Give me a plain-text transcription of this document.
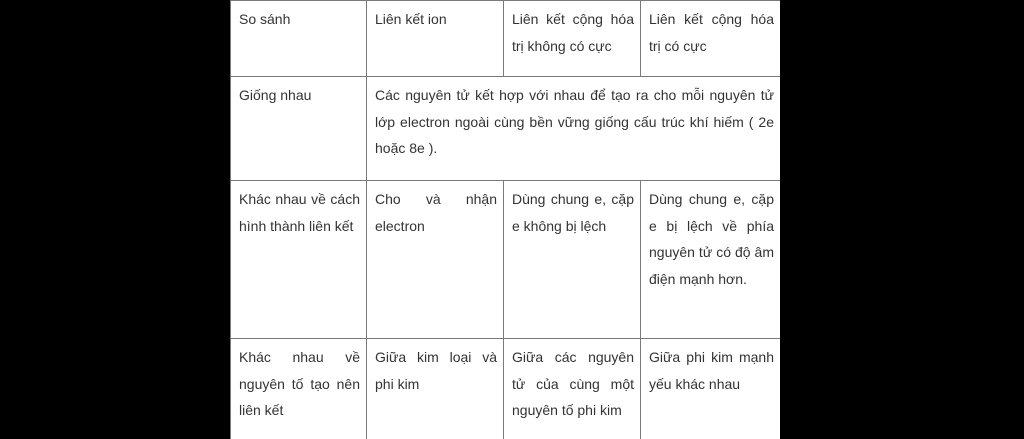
So sánh	Liên kết ion	Liên kết cộng hóa trị không có cực	Liên kết cộng hóa trị có cực
Giống nhau	Các nguyên tử kết hợp với nhau để tạo ra cho mỗi nguyên tử lớp electron ngoài cùng bền vững giống cấu trúc khí hiếm ( 2e hoặc 8e ).		
Khác nhau về cách hình thành liên kết	Cho và nhận electron	Dùng chung e, cặp e không bị lệch	Dùng chung e, cặp e bị lệch về phía nguyên tử có độ âm điện mạnh hơn.
Khác nhau về nguyên tố tạo nên liên kết	Giữa kim loại và phi kim	Giữa các nguyên tử của cùng một nguyên tố phi kim	Giữa phi kim mạnh yếu khác nhau
